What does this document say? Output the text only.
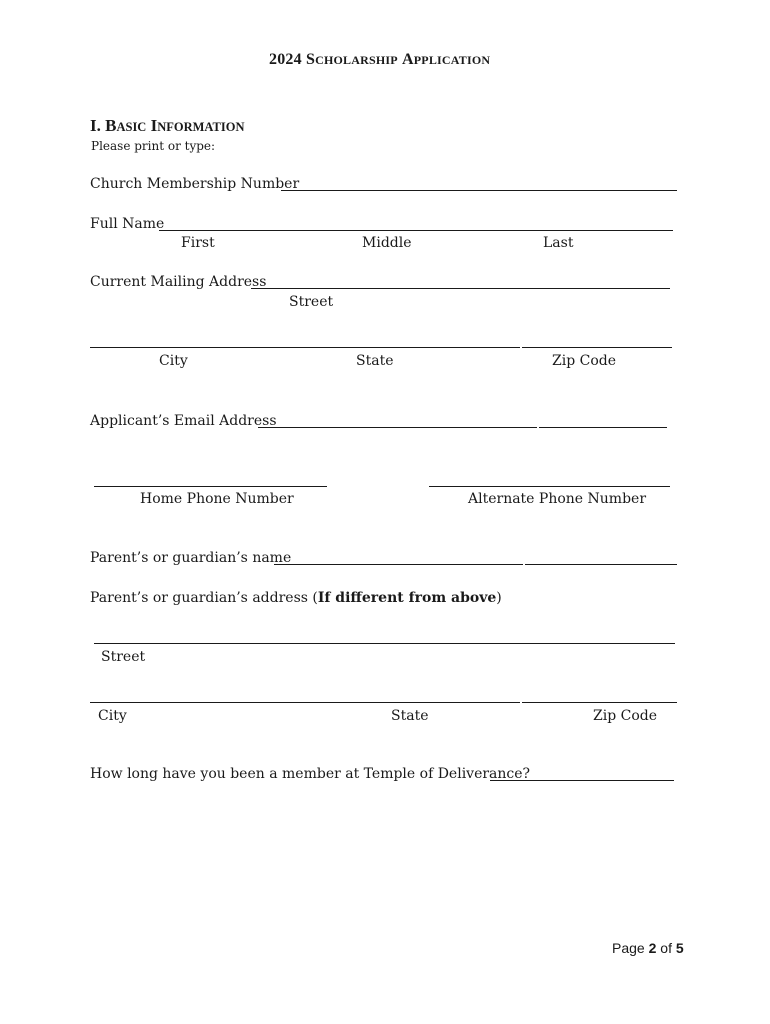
2024 SCHOLARSHIP APPLICATION
I. BASIC INFORMATION
Please print or type:
Church Membership Number
Full Name
First	Middle	Last
Current Mailing Address
Street
City	State	Zip Code
Applicant’s Email Address
Home Phone Number	Alternate Phone Number
Parent’s or guardian’s name
Parent’s or guardian’s address (If different from above)
Street
City	State	Zip Code
How long have you been a member at Temple of Deliverance?
Page 2 of 5
